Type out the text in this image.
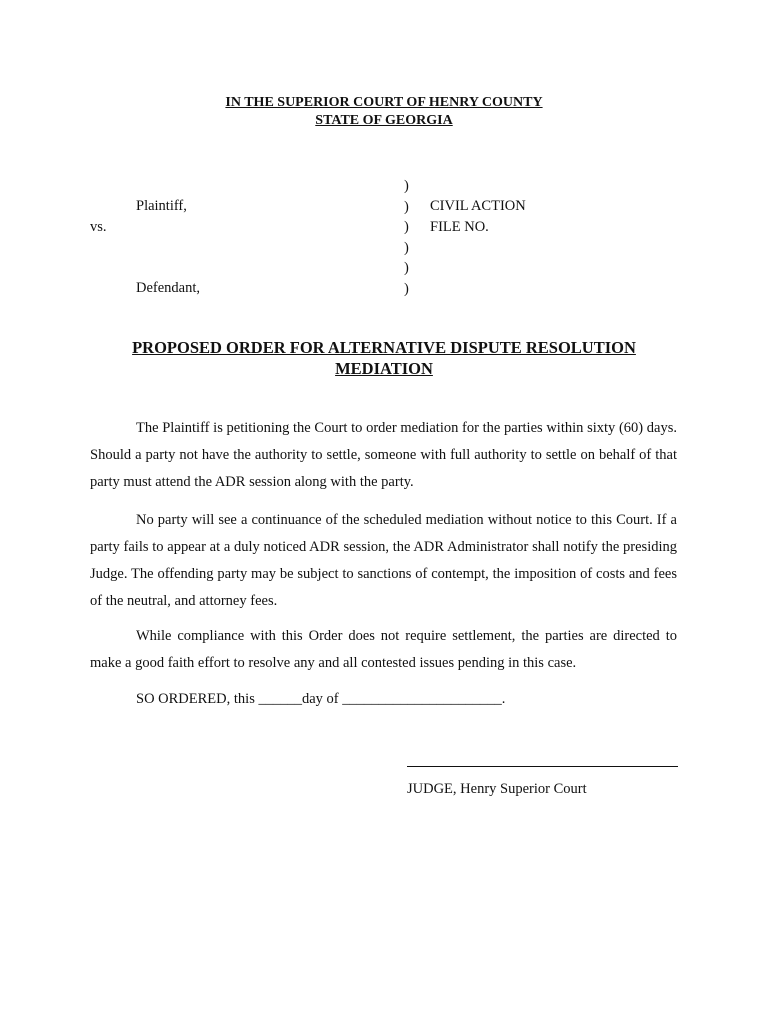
IN THE SUPERIOR COURT OF HENRY COUNTY
STATE OF GEORGIA
Plaintiff,
vs.
Defendant,
)
)
)
)
)
)
CIVIL ACTION
FILE NO.
PROPOSED ORDER FOR ALTERNATIVE DISPUTE RESOLUTION
MEDIATION

The Plaintiff is petitioning the Court to order mediation for the parties within sixty (60) days. Should a party not have the authority to settle, someone with full authority to settle on behalf of that party must attend the ADR session along with the party.

No party will see a continuance of the scheduled mediation without notice to this Court. If a party fails to appear at a duly noticed ADR session, the ADR Administrator shall notify the presiding Judge. The offending party may be subject to sanctions of contempt, the imposition of costs and fees of the neutral, and attorney fees.

While compliance with this Order does not require settlement, the parties are directed to make a good faith effort to resolve any and all contested issues pending in this case.

SO ORDERED, this ______day of ______________________.
JUDGE, Henry Superior Court
